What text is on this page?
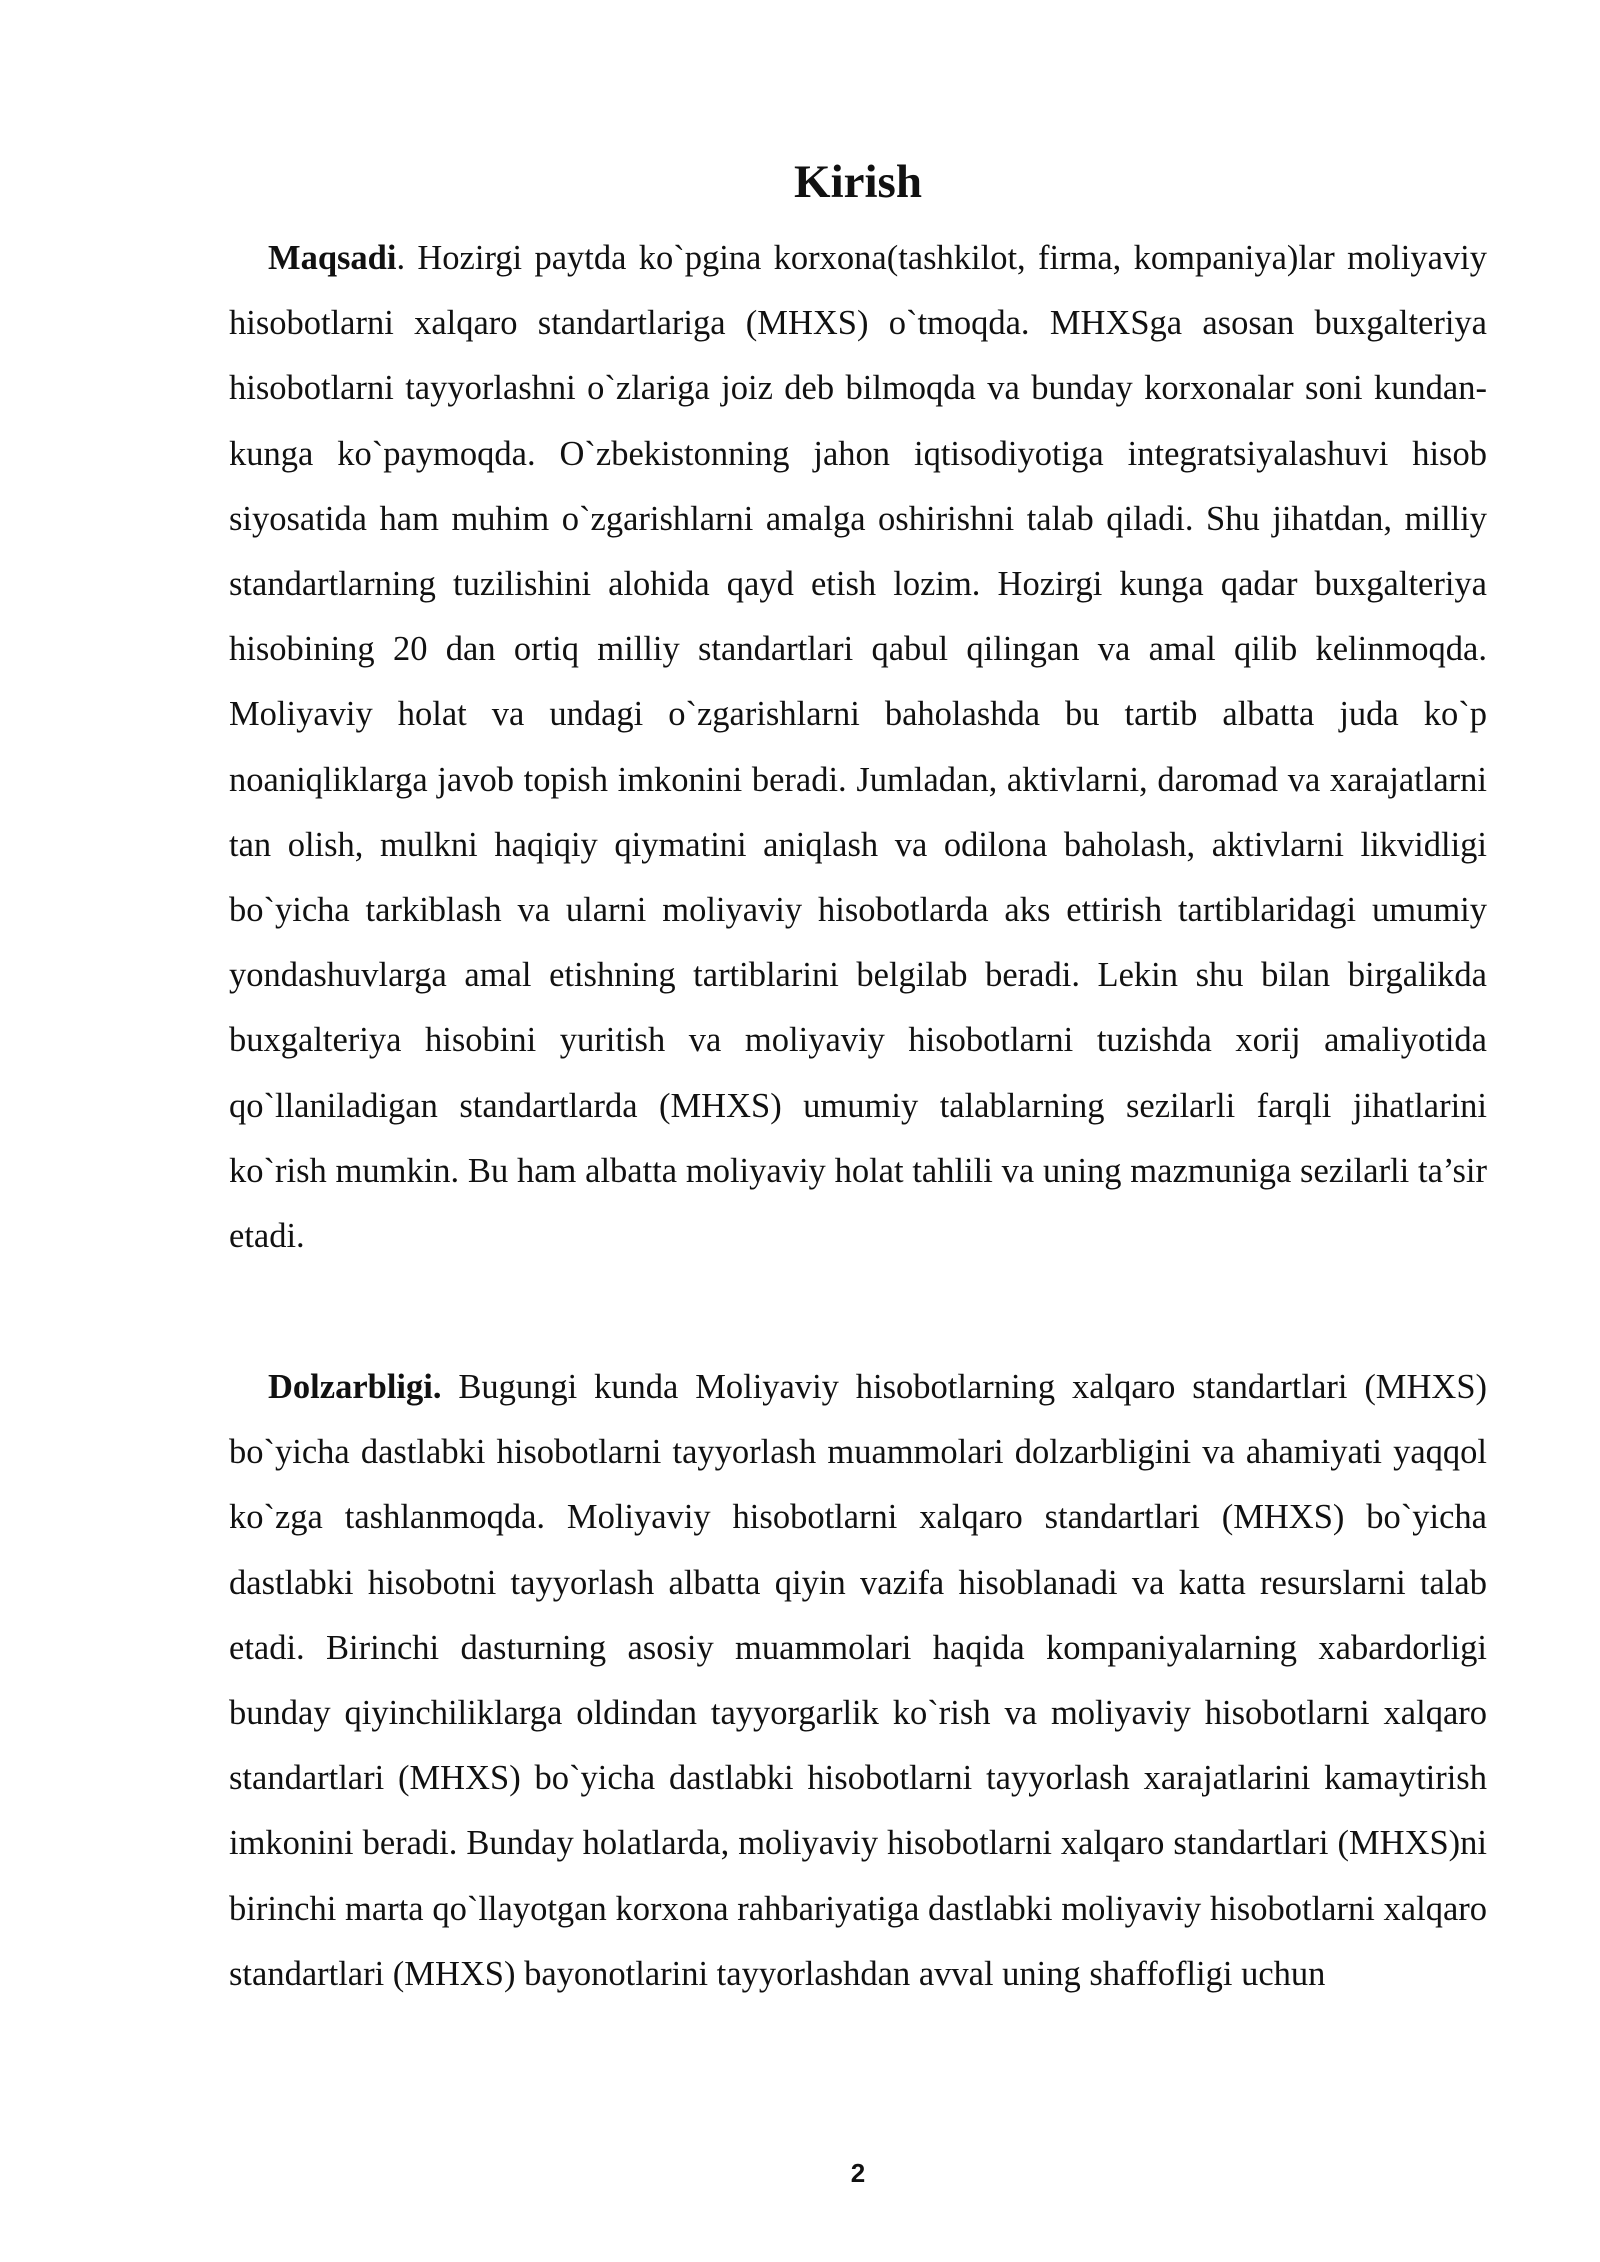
Kirish

Maqsadi. Hozirgi paytda ko`pgina korxona(tashkilot, firma, kompaniya)lar moliyaviy hisobotlarni xalqaro standartlariga (MHXS) o`tmoqda. MHXSga asosan buxgalteriya hisobotlarni tayyorlashni o`zlariga joiz deb bilmoqda va bunday korxonalar soni kundan-kunga ko`paymoqda. O`zbekistonning jahon iqtisodiyotiga integratsiyalashuvi hisob siyosatida ham muhim o`zgarishlarni amalga oshirishni talab qiladi. Shu jihatdan, milliy standartlarning tuzilishini alohida qayd etish lozim. Hozirgi kunga qadar buxgalteriya hisobining 20 dan ortiq milliy standartlari qabul qilingan va amal qilib kelinmoqda. Moliyaviy holat va undagi o`zgarishlarni baholashda bu tartib albatta juda ko`p noaniqliklarga javob topish imkonini beradi. Jumladan, aktivlarni, daromad va xarajatlarni tan olish, mulkni haqiqiy qiymatini aniqlash va odilona baholash, aktivlarni likvidligi bo`yicha tarkiblash va ularni moliyaviy hisobotlarda aks ettirish tartiblaridagi umumiy yondashuvlarga amal etishning tartiblarini belgilab beradi. Lekin shu bilan birgalikda buxgalteriya hisobini yuritish va moliyaviy hisobotlarni tuzishda xorij amaliyotida qo`llaniladigan standartlarda (MHXS) umumiy talablarning sezilarli farqli jihatlarini ko`rish mumkin. Bu ham albatta moliyaviy holat tahlili va uning mazmuniga sezilarli ta’sir etadi.

Dolzarbligi. Bugungi kunda Moliyaviy hisobotlarning xalqaro standartlari (MHXS) bo`yicha dastlabki hisobotlarni tayyorlash muammolari dolzarbligini va ahamiyati yaqqol ko`zga tashlanmoqda. Moliyaviy hisobotlarni xalqaro standartlari (MHXS) bo`yicha dastlabki hisobotni tayyorlash albatta qiyin vazifa hisoblanadi va katta resurslarni talab etadi. Birinchi dasturning asosiy muammolari haqida kompaniyalarning xabardorligi bunday qiyinchiliklarga oldindan tayyorgarlik ko`rish va moliyaviy hisobotlarni xalqaro standartlari (MHXS) bo`yicha dastlabki hisobotlarni tayyorlash xarajatlarini kamaytirish imkonini beradi. Bunday holatlarda, moliyaviy hisobotlarni xalqaro standartlari (MHXS)ni birinchi marta qo`llayotgan korxona rahbariyatiga dastlabki moliyaviy hisobotlarni xalqaro standartlari (MHXS) bayonotlarini tayyorlashdan avval uning shaffofligi uchun

2
